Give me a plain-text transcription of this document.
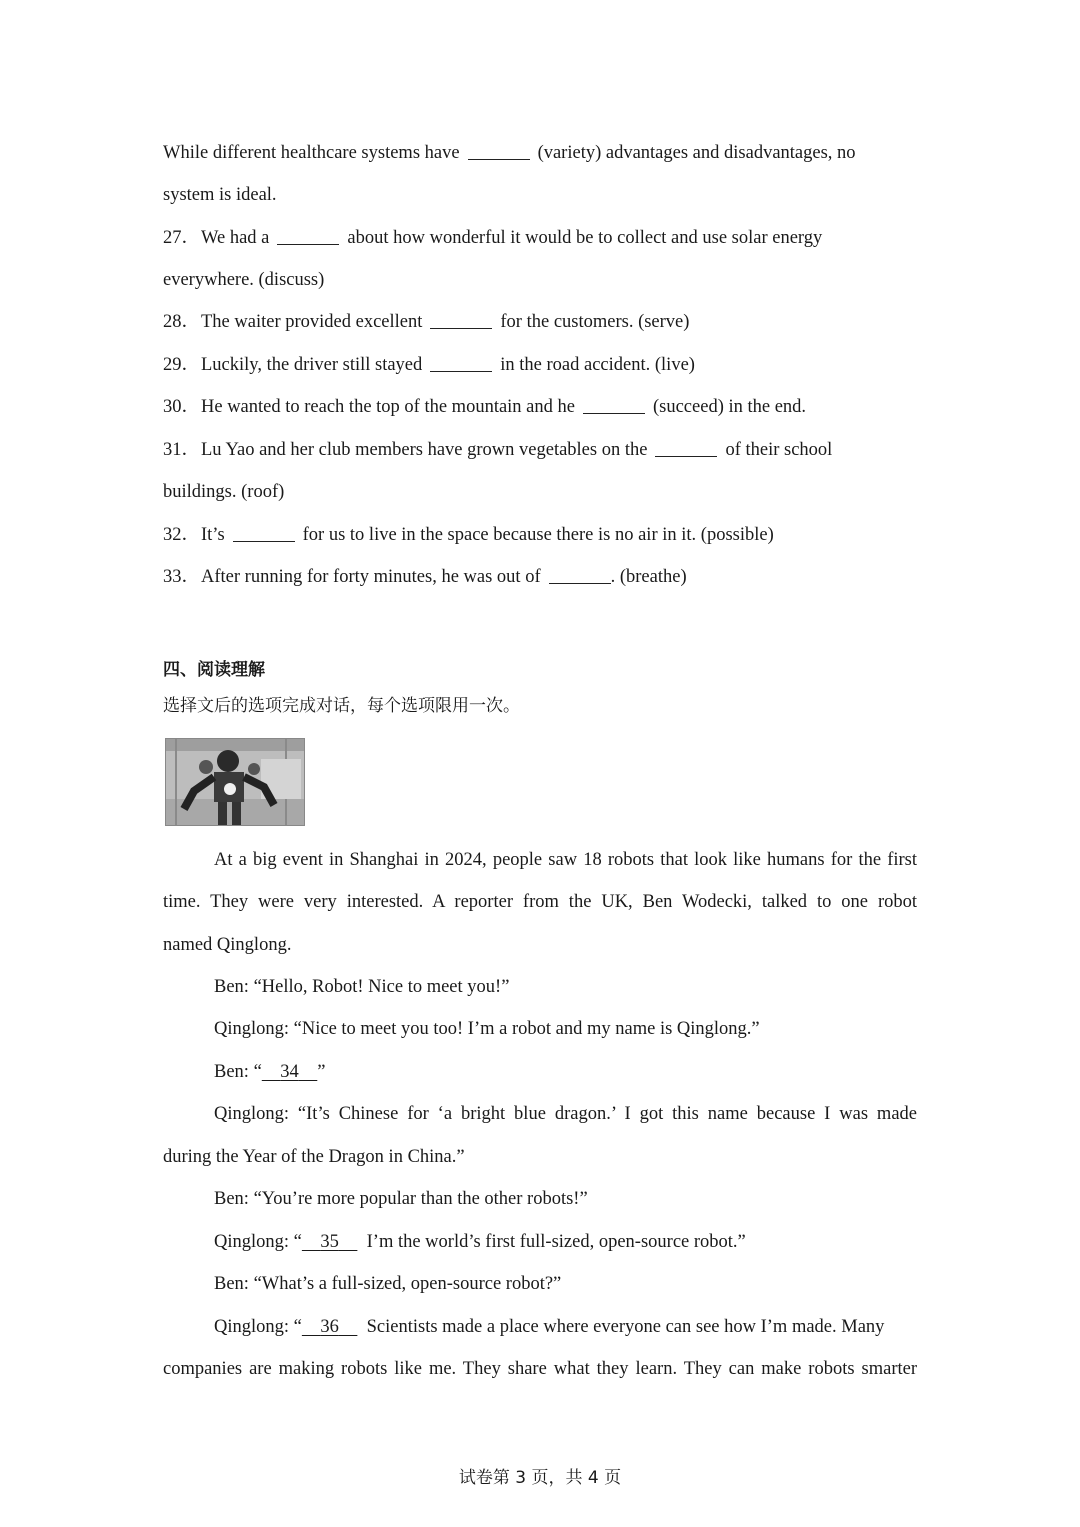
While different healthcare systems have	(variety) advantages and disadvantages, no
system is ideal.
27．We had a	about how wonderful it would be to collect and use solar energy
everywhere. (discuss)
28．The waiter provided excellent	for the customers. (serve)
29．Luckily, the driver still stayed	in the road accident. (live)
30．He wanted to reach the top of the mountain and he	(succeed) in the end.
31．Lu Yao and her club members have grown vegetables on the	of their school
buildings. (roof)
32．It’s	for us to live in the space because there is no air in it. (possible)
33．After running for forty minutes, he was out of	. (breathe)
四、阅读理解
选择文后的选项完成对话，每个选项限用一次。
At a big event in Shanghai in 2024, people saw 18 robots that look like humans for the first
time. They were very interested. A reporter from the UK, Ben Wodecki, talked to one robot
named Qinglong.
Ben: “Hello, Robot! Nice to meet you!”
Qinglong: “Nice to meet you too! I’m a robot and my name is Qinglong.”
Ben: “ 34 ”
Qinglong: “It’s Chinese for ‘a bright blue dragon.’ I got this name because I was made
during the Year of the Dragon in China.”
Ben: “You’re more popular than the other robots!”
Qinglong: “ 35 I’m the world’s first full-sized, open-source robot.”
Ben: “What’s a full-sized, open-source robot?”
Qinglong: “ 36 Scientists made a place where everyone can see how I’m made. Many
companies are making robots like me. They share what they learn. They can make robots smarter
试卷第 3 页，共 4 页
